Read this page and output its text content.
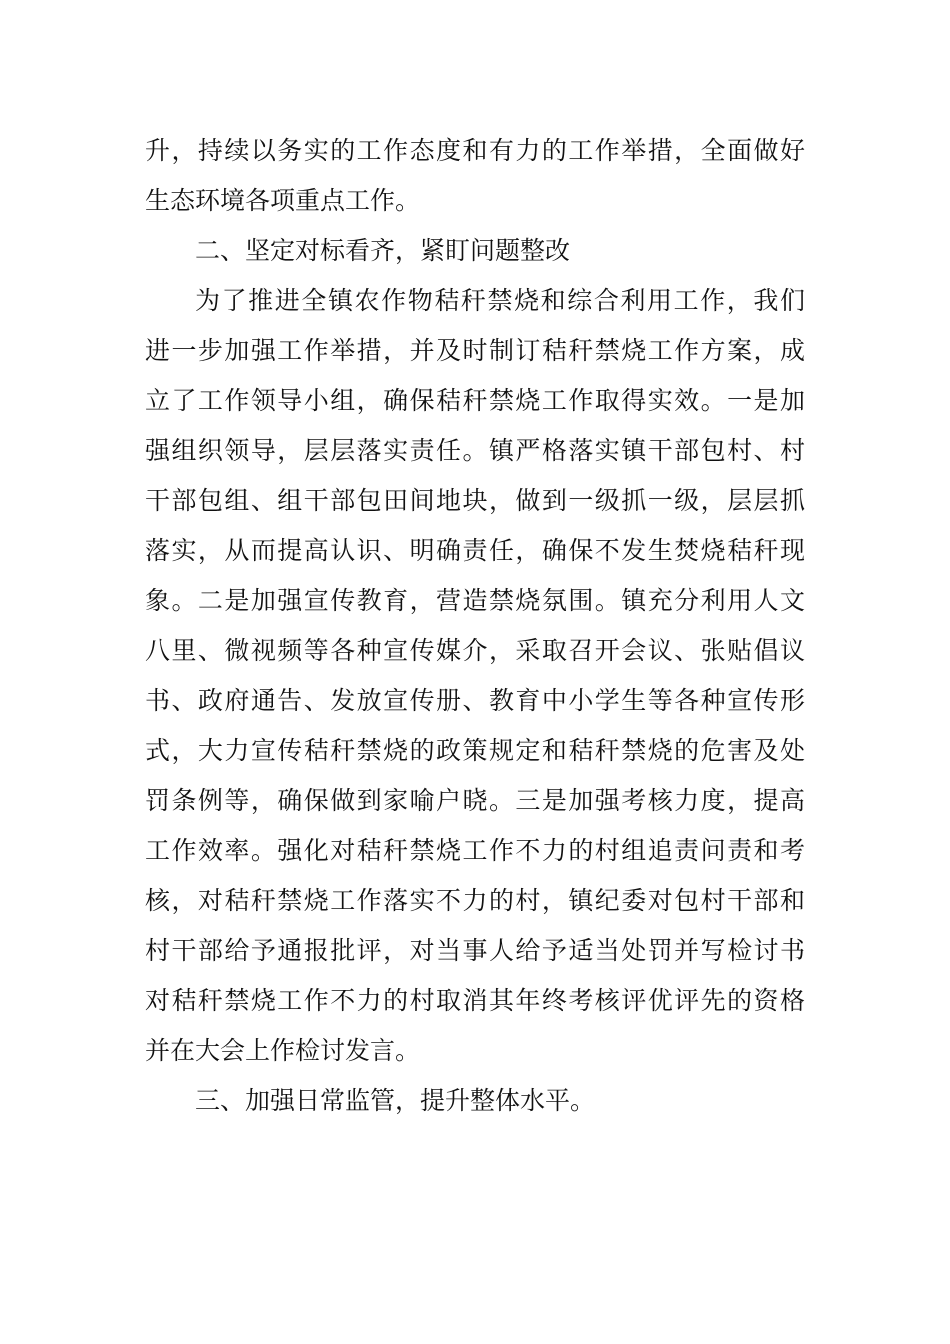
升，持续以务实的工作态度和有力的工作举措，全面做好
生态环境各项重点工作。
二、坚定对标看齐，紧盯问题整改
为了推进全镇农作物秸秆禁烧和综合利用工作，我们
进一步加强工作举措，并及时制订秸秆禁烧工作方案，成
立了工作领导小组，确保秸秆禁烧工作取得实效。一是加
强组织领导，层层落实责任。镇严格落实镇干部包村、村
干部包组、组干部包田间地块，做到一级抓一级，层层抓
落实，从而提高认识、明确责任，确保不发生焚烧秸秆现
象。二是加强宣传教育，营造禁烧氛围。镇充分利用人文
八里、微视频等各种宣传媒介，采取召开会议、张贴倡议
书、政府通告、发放宣传册、教育中小学生等各种宣传形
式，大力宣传秸秆禁烧的政策规定和秸秆禁烧的危害及处
罚条例等，确保做到家喻户晓。三是加强考核力度，提高
工作效率。强化对秸秆禁烧工作不力的村组追责问责和考
核，对秸秆禁烧工作落实不力的村，镇纪委对包村干部和
村干部给予通报批评，对当事人给予适当处罚并写检讨书
对秸秆禁烧工作不力的村取消其年终考核评优评先的资格
并在大会上作检讨发言。
三、加强日常监管，提升整体水平。
